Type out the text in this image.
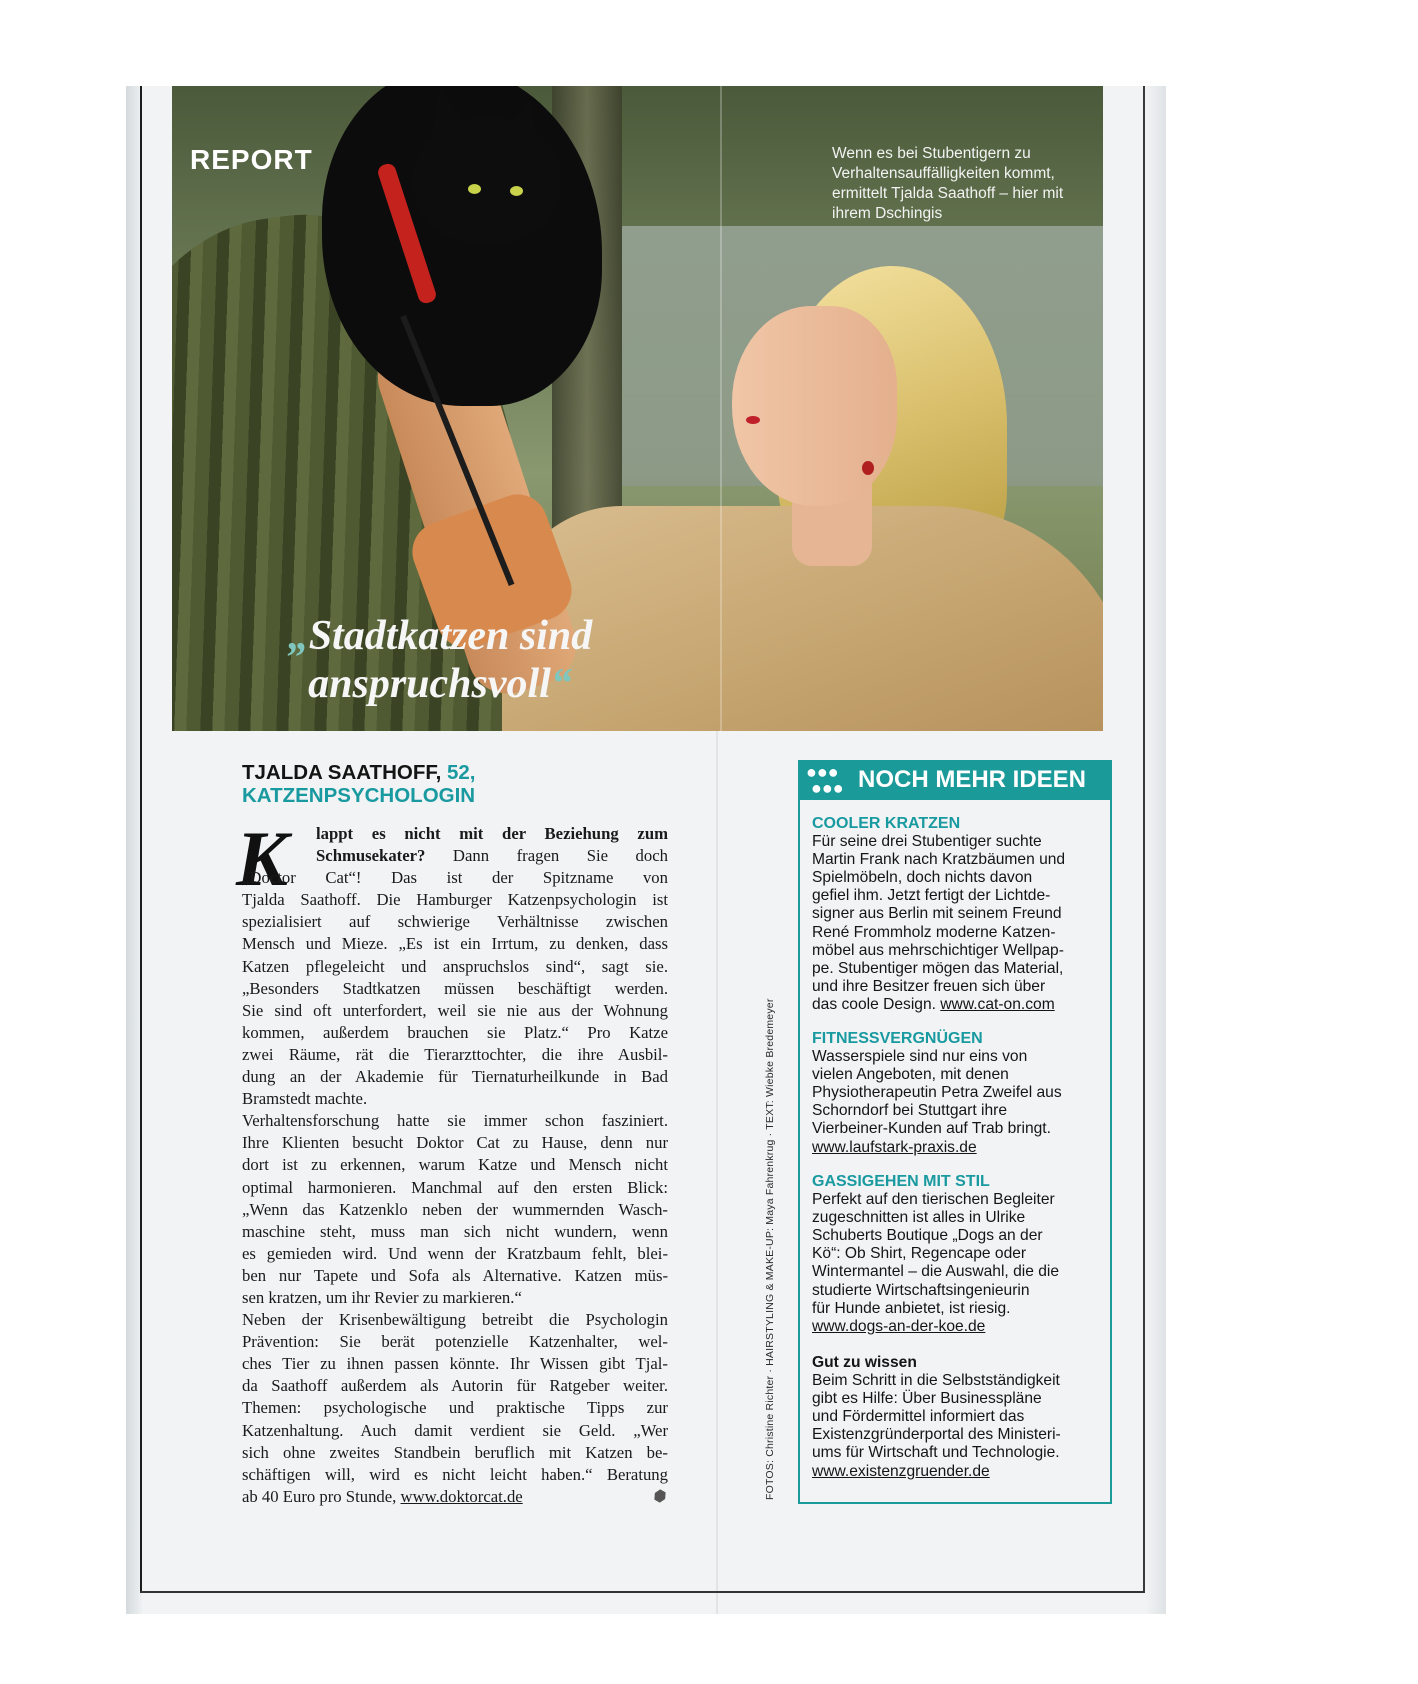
REPORT	Wenn es bei Stubentigern zu Verhaltensauffälligkeiten kommt, ermittelt Tjalda Saathoff – hier mit ihrem Dschingis
„Stadtkatzen sind
anspruchsvoll“
TJALDA SAATHOFF, 52,
KATZENPSYCHOLOGIN
K	lappt es nicht mit der Beziehung zum
Schmusekater? Dann fragen Sie doch
„Doctor Cat“! Das ist der Spitzname von
Tjalda Saathoff. Die Hamburger Katzenpsychologin ist
spezialisiert auf schwierige Verhältnisse zwischen
Mensch und Mieze. „Es ist ein Irrtum, zu denken, dass
Katzen pflegeleicht und anspruchslos sind“, sagt sie.
„Besonders Stadtkatzen müssen beschäftigt werden.
Sie sind oft unterfordert, weil sie nie aus der Wohnung
kommen, außerdem brauchen sie Platz.“ Pro Katze
zwei Räume, rät die Tierarzttochter, die ihre Ausbil-
dung an der Akademie für Tiernaturheilkunde in Bad
Bramstedt machte.
Verhaltensforschung hatte sie immer schon fasziniert.
Ihre Klienten besucht Doktor Cat zu Hause, denn nur
dort ist zu erkennen, warum Katze und Mensch nicht
optimal harmonieren. Manchmal auf den ersten Blick:
„Wenn das Katzenklo neben der wummernden Wasch-
maschine steht, muss man sich nicht wundern, wenn
es gemieden wird. Und wenn der Kratzbaum fehlt, blei-
ben nur Tapete und Sofa als Alternative. Katzen müs-
sen kratzen, um ihr Revier zu markieren.“
Neben der Krisenbewältigung betreibt die Psychologin
Prävention: Sie berät potenzielle Katzenhalter, wel-
ches Tier zu ihnen passen könnte. Ihr Wissen gibt Tjal-
da Saathoff außerdem als Autorin für Ratgeber weiter.
Themen: psychologische und praktische Tipps zur
Katzenhaltung. Auch damit verdient sie Geld. „Wer
sich ohne zweites Standbein beruflich mit Katzen be-
schäftigen will, wird es nicht leicht haben.“ Beratung
ab 40 Euro pro Stunde, www.doktorcat.de	FOTOS: Christine Richter · HAIRSTYLING & MAKE-UP: Maya Fahrenkrug · TEXT: Wiebke Bredemeyer
●●●
●●● NOCH MEHR IDEEN
COOLER KRATZEN
Für seine drei Stubentiger suchte
Martin Frank nach Kratzbäumen und
Spielmöbeln, doch nichts davon
gefiel ihm. Jetzt fertigt der Lichtde-
signer aus Berlin mit seinem Freund
René Frommholz moderne Katzen-
möbel aus mehrschichtiger Wellpap-
pe. Stubentiger mögen das Material,
und ihre Besitzer freuen sich über
das coole Design. www.cat-on.com
FITNESSVERGNÜGEN
Wasserspiele sind nur eins von
vielen Angeboten, mit denen
Physiotherapeutin Petra Zweifel aus
Schorndorf bei Stuttgart ihre
Vierbeiner-Kunden auf Trab bringt.
www.laufstark-praxis.de
GASSIGEHEN MIT STIL
Perfekt auf den tierischen Begleiter
zugeschnitten ist alles in Ulrike
Schuberts Boutique „Dogs an der
Kö“: Ob Shirt, Regencape oder
Wintermantel – die Auswahl, die die
studierte Wirtschaftsingenieurin
für Hunde anbietet, ist riesig.
www.dogs-an-der-koe.de
Gut zu wissen
Beim Schritt in die Selbstständigkeit
gibt es Hilfe: Über Businesspläne
und Fördermittel informiert das
Existenzgründerportal des Ministeri-
ums für Wirtschaft und Technologie.
www.existenzgruender.de
